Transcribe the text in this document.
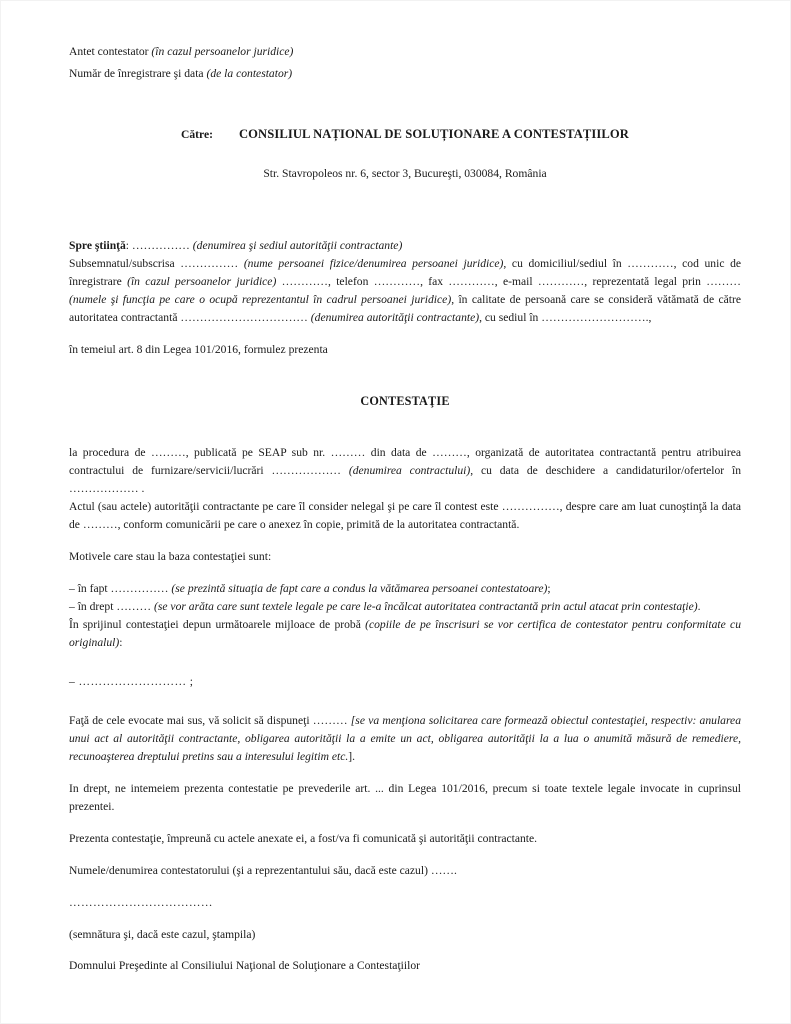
Antet contestator (în cazul persoanelor juridice)

Număr de înregistrare şi data (de la contestator)

Către: CONSILIUL NAȚIONAL DE SOLUȚIONARE A CONTESTAȚIILOR

Str. Stavropoleos nr. 6, sector 3, Bucureşti, 030084, România

Spre ştiinţă: …………… (denumirea şi sediul autorităţii contractante)

Subsemnatul/subscrisa …………… (nume persoanei fizice/denumirea persoanei juridice), cu domiciliul/sediul în …………, cod unic de înregistrare (în cazul persoanelor juridice) …………, telefon …………, fax …………, e-mail …………, reprezentată legal prin ……… (numele şi funcţia pe care o ocupă reprezentantul în cadrul persoanei juridice), în calitate de persoană care se consideră vătămată de către autoritatea contractantă …………………………… (denumirea autorităţii contractante), cu sediul în ……………………….,

în temeiul art. 8 din Legea 101/2016, formulez prezenta

CONTESTAŢIE

la procedura de ………, publicată pe SEAP sub nr. ……… din data de ………, organizată de autoritatea contractantă pentru atribuirea contractului de furnizare/servicii/lucrări ……………… (denumirea contractului), cu data de deschidere a candidaturilor/ofertelor în ……………… .

Actul (sau actele) autorităţii contractante pe care îl consider nelegal şi pe care îl contest este ……………, despre care am luat cunoştinţă la data de ………, conform comunicării pe care o anexez în copie, primită de la autoritatea contractantă.

Motivele care stau la baza contestaţiei sunt:

– în fapt …………… (se prezintă situaţia de fapt care a condus la vătămarea persoanei contestatoare);

– în drept ……… (se vor arăta care sunt textele legale pe care le-a încălcat autoritatea contractantă prin actul atacat prin contestaţie).

În sprijinul contestaţiei depun următoarele mijloace de probă (copiile de pe înscrisuri se vor certifica de contestator pentru conformitate cu originalul):

– ……………………… ;

Faţă de cele evocate mai sus, vă solicit să dispuneţi ……… [se va menţiona solicitarea care formează obiectul contestaţiei, respectiv: anularea unui act al autorităţii contractante, obligarea autorităţii la a emite un act, obligarea autorităţii la a lua o anumită măsură de remediere, recunoaşterea dreptului pretins sau a interesului legitim etc.].

In drept, ne intemeiem prezenta contestatie pe prevederile art. ... din Legea 101/2016, precum si toate textele legale invocate in cuprinsul prezentei.

Prezenta contestaţie, împreună cu actele anexate ei, a fost/va fi comunicată şi autorităţii contractante.

Numele/denumirea contestatorului (şi a reprezentantului său, dacă este cazul) …….

………………………………

(semnătura şi, dacă este cazul, ştampila)

Domnului Preşedinte al Consiliului Naţional de Soluţionare a Contestaţiilor
